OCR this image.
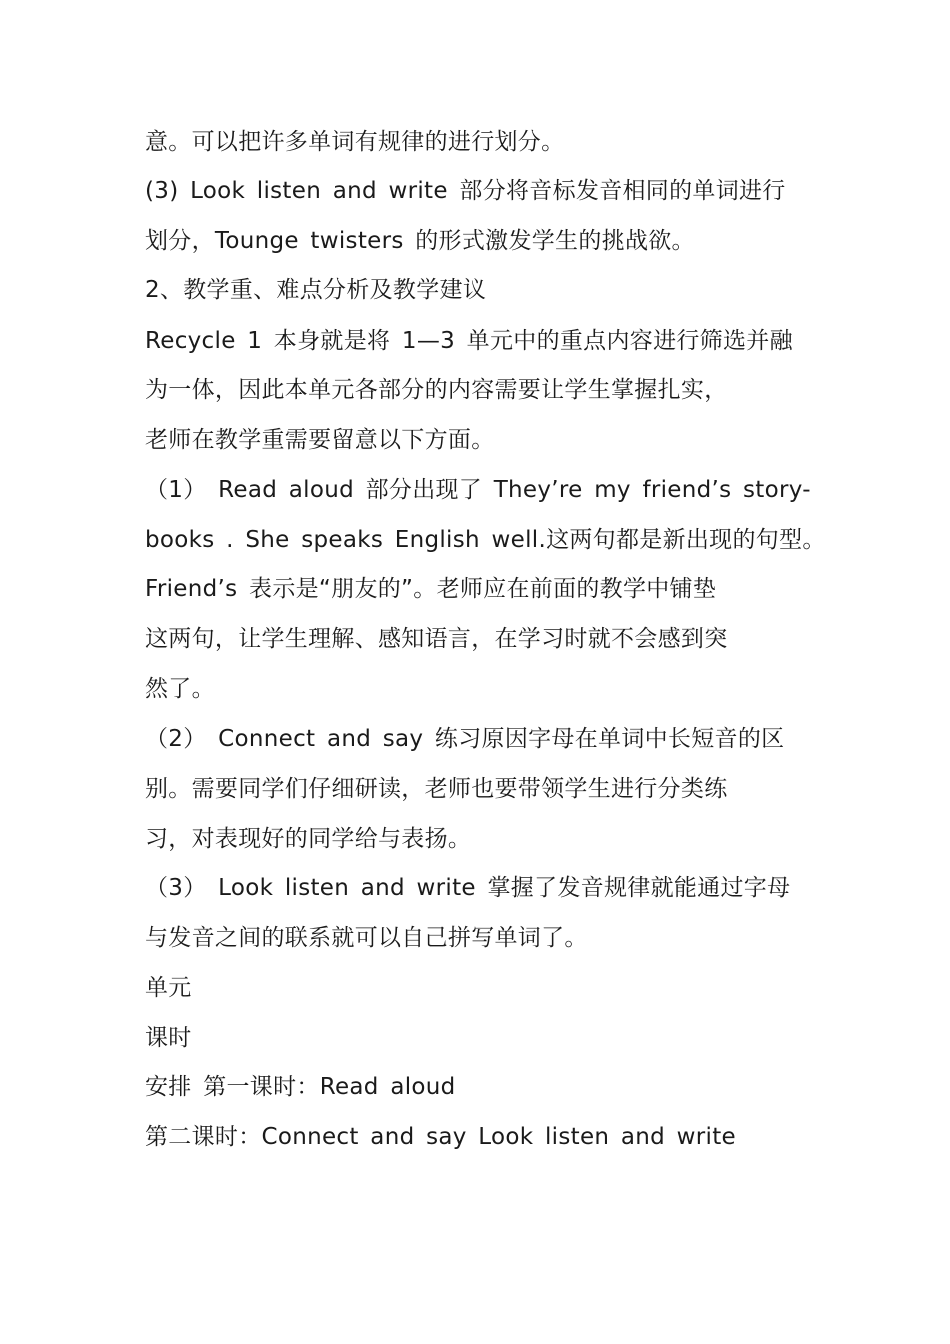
意。可以把许多单词有规律的进行划分。
(3) Look listen and write 部分将音标发音相同的单词进行
划分，Tounge twisters 的形式激发学生的挑战欲。
2、教学重、难点分析及教学建议
Recycle 1 本身就是将 1—3 单元中的重点内容进行筛选并融
为一体，因此本单元各部分的内容需要让学生掌握扎实，
老师在教学重需要留意以下方面。
（1） Read aloud 部分出现了 They’re my friend’s story-
books . She speaks English well.这两句都是新出现的句型。
Friend’s 表示是“朋友的”。老师应在前面的教学中铺垫
这两句，让学生理解、感知语言，在学习时就不会感到突
然了。
（2） Connect and say 练习原因字母在单词中长短音的区
别。需要同学们仔细研读，老师也要带领学生进行分类练
习，对表现好的同学给与表扬。
（3） Look listen and write 掌握了发音规律就能通过字母
与发音之间的联系就可以自己拼写单词了。
单元
课时
安排 第一课时：Read aloud
第二课时：Connect and say Look listen and write
